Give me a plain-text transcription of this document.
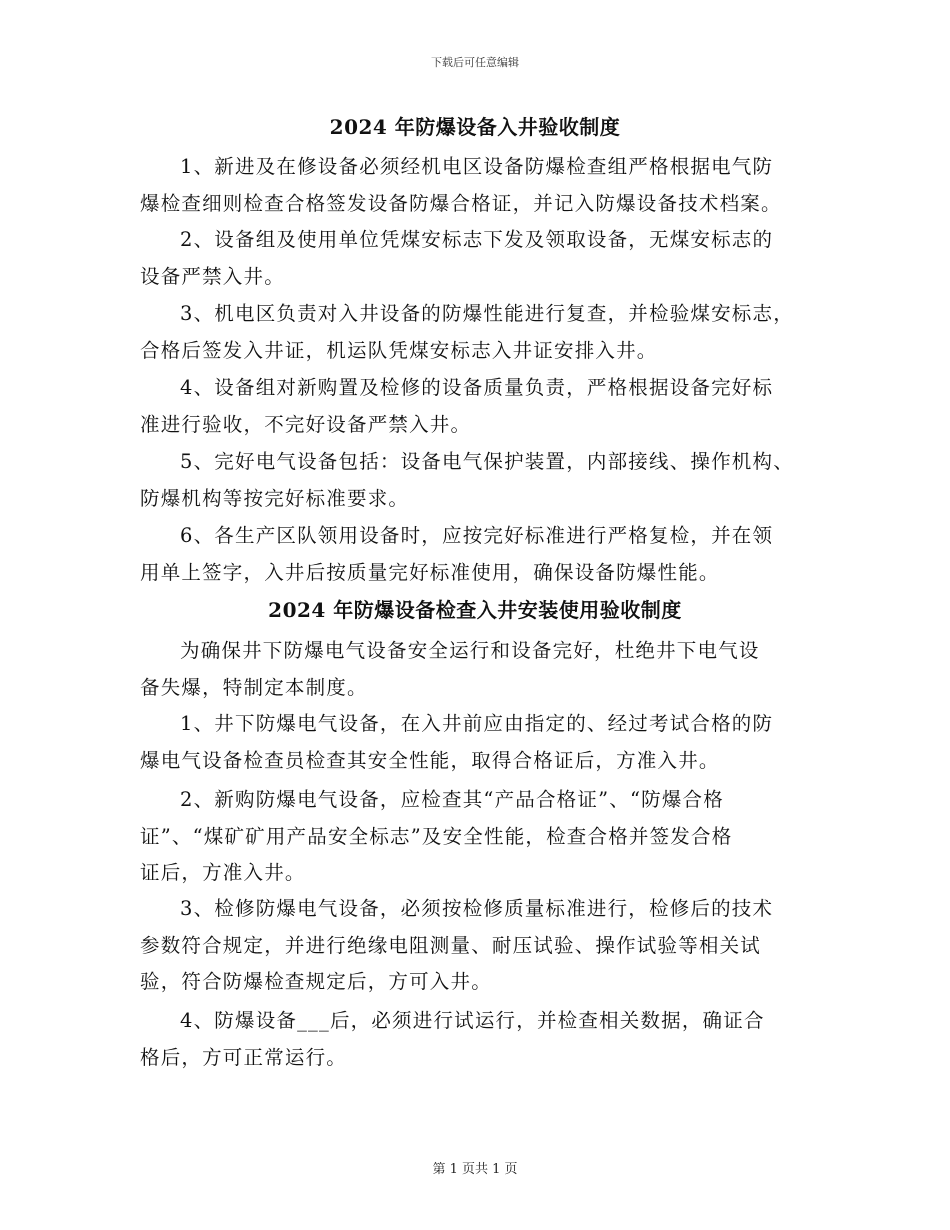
下载后可任意编辑
2024 年防爆设备入井验收制度

1、新进及在修设备必须经机电区设备防爆检查组严格根据电气防
爆检查细则检查合格签发设备防爆合格证，并记入防爆设备技术档案。

2、设备组及使用单位凭煤安标志下发及领取设备，无煤安标志的
设备严禁入井。

3、机电区负责对入井设备的防爆性能进行复查，并检验煤安标志，
合格后签发入井证，机运队凭煤安标志入井证安排入井。

4、设备组对新购置及检修的设备质量负责，严格根据设备完好标
准进行验收，不完好设备严禁入井。

5、完好电气设备包括：设备电气保护装置，内部接线、操作机构、
防爆机构等按完好标准要求。

6、各生产区队领用设备时，应按完好标准进行严格复检，并在领
用单上签字，入井后按质量完好标准使用，确保设备防爆性能。

2024 年防爆设备检查入井安装使用验收制度

为确保井下防爆电气设备安全运行和设备完好，杜绝井下电气设
备失爆，特制定本制度。

1、井下防爆电气设备，在入井前应由指定的、经过考试合格的防
爆电气设备检查员检查其安全性能，取得合格证后，方准入井。

2、新购防爆电气设备，应检查其“产品合格证”、“防爆合格
证”、“煤矿矿用产品安全标志”及安全性能，检查合格并签发合格
证后，方准入井。

3、检修防爆电气设备，必须按检修质量标准进行，检修后的技术
参数符合规定，并进行绝缘电阻测量、耐压试验、操作试验等相关试
验，符合防爆检查规定后，方可入井。

4、防爆设备___后，必须进行试运行，并检查相关数据，确证合
格后，方可正常运行。

第 1 页共 1 页
